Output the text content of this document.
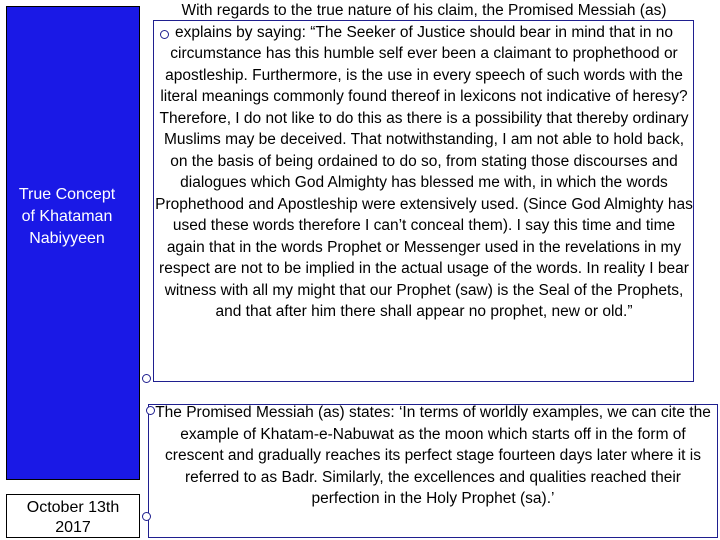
True Concept of Khataman Nabiyyeen
October 13th 2017

With regards to the true nature of his claim, the Promised Messiah (as) explains by saying: “The Seeker of Justice should bear in mind that in no circumstance has this humble self ever been a claimant to prophethood or apostleship. Furthermore, is the use in every speech of such words with the literal meanings commonly found thereof in lexicons not indicative of heresy? Therefore, I do not like to do this as there is a possibility that thereby ordinary Muslims may be deceived. That notwithstanding, I am not able to hold back, on the basis of being ordained to do so, from stating those discourses and dialogues which God Almighty has blessed me with, in which the words Prophethood and Apostleship were extensively used. (Since God Almighty has used these words therefore I can’t conceal them). I say this time and time again that in the words Prophet or Messenger used in the revelations in my respect are not to be implied in the actual usage of the words. In reality I bear witness with all my might that our Prophet (saw) is the Seal of the Prophets, and that after him there shall appear no prophet, new or old.”

The Promised Messiah (as) states: ‘In terms of worldly examples, we can cite the example of Khatam-e-Nabuwat as the moon which starts off in the form of crescent and gradually reaches its perfect stage fourteen days later where it is referred to as Badr. Similarly, the excellences and qualities reached their perfection in the Holy Prophet (sa).’
